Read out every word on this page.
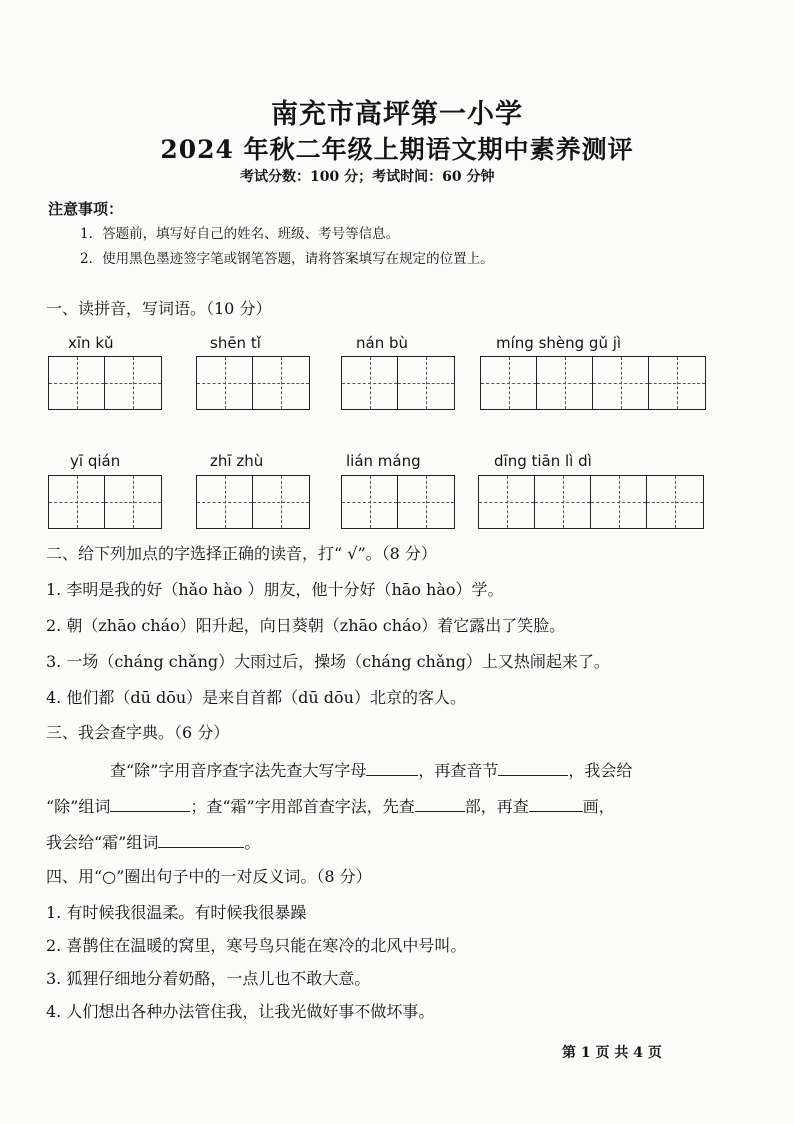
南充市高坪第一小学
2024 年秋二年级上期语文期中素养测评
考试分数：100 分；考试时间：60 分钟
注意事项：
1．答题前，填写好自己的姓名、班级、考号等信息。
2．使用黑色墨迹签字笔或钢笔答题，请将答案填写在规定的位置上。
一、读拼音，写词语。（10 分）
xīn kǔ	shēn tǐ	nán bù	míng shèng gǔ jì
yī qián	zhī zhù	lián máng	dīng tiān lì dì
二、给下列加点的字选择正确的读音，打“ √”。（8 分）
1. 李明是我的好（hǎo hào ）朋友，他十分好（hāo hào）学。
2. 朝（zhāo cháo）阳升起，向日葵朝（zhāo cháo）着它露出了笑脸。
3. 一场（cháng chǎng）大雨过后，操场（cháng chǎng）上又热闹起来了。
4. 他们都（dū dōu）是来自首都（dū dōu）北京的客人。
三、我会查字典。（6 分）
查“除”字用音序查字法先查大写字母	，再查音节	，我会给
“除”组词	；查“霜”字用部首查字法，先查	部，再查	画，
我会给“霜”组词	。
四、用“○”圈出句子中的一对反义词。（8 分）
1. 有时候我很温柔。有时候我很暴躁
2. 喜鹊住在温暖的窝里，寒号鸟只能在寒冷的北风中号叫。
3. 狐狸仔细地分着奶酪，一点儿也不敢大意。
4. 人们想出各种办法管住我，让我光做好事不做坏事。
第 1 页 共 4 页
